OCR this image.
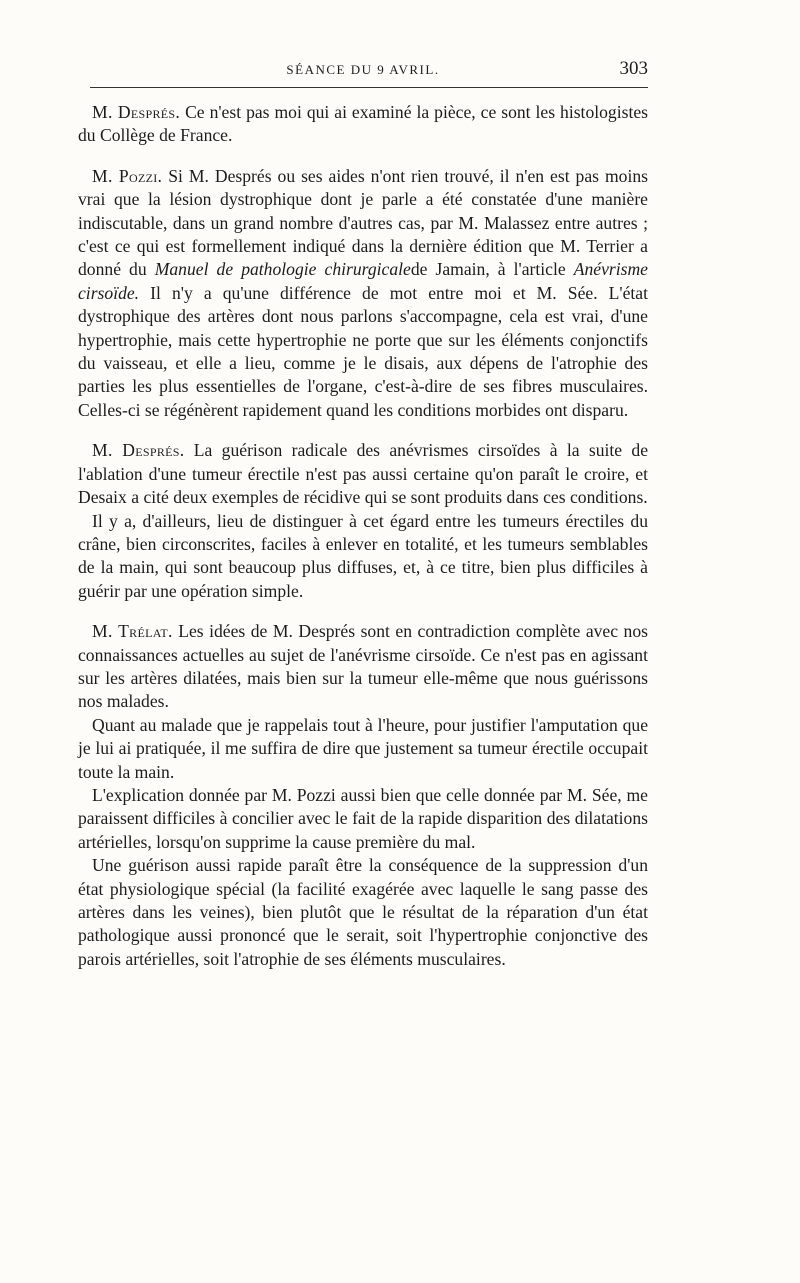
SÉANCE DU 9 AVRIL.	303

M. Després. Ce n'est pas moi qui ai examiné la pièce, ce sont les histologistes du Collège de France.

M. Pozzi. Si M. Després ou ses aides n'ont rien trouvé, il n'en est pas moins vrai que la lésion dystrophique dont je parle a été constatée d'une manière indiscutable, dans un grand nombre d'autres cas, par M. Malassez entre autres ; c'est ce qui est formellement indiqué dans la dernière édition que M. Terrier a donné du Manuel de pathologie chirurgicalede Jamain, à l'article Anévrisme cirsoïde. Il n'y a qu'une différence de mot entre moi et M. Sée. L'état dystrophique des artères dont nous parlons s'accompagne, cela est vrai, d'une hypertrophie, mais cette hypertrophie ne porte que sur les éléments conjonctifs du vaisseau, et elle a lieu, comme je le disais, aux dépens de l'atrophie des parties les plus essentielles de l'organe, c'est-à-dire de ses fibres musculaires. Celles-ci se régénèrent rapidement quand les conditions morbides ont disparu.

M. Després. La guérison radicale des anévrismes cirsoïdes à la suite de l'ablation d'une tumeur érectile n'est pas aussi certaine qu'on paraît le croire, et Desaix a cité deux exemples de récidive qui se sont produits dans ces conditions.

Il y a, d'ailleurs, lieu de distinguer à cet égard entre les tumeurs érectiles du crâne, bien circonscrites, faciles à enlever en totalité, et les tumeurs semblables de la main, qui sont beaucoup plus diffuses, et, à ce titre, bien plus difficiles à guérir par une opération simple.

M. Trélat. Les idées de M. Després sont en contradiction complète avec nos connaissances actuelles au sujet de l'anévrisme cirsoïde. Ce n'est pas en agissant sur les artères dilatées, mais bien sur la tumeur elle-même que nous guérissons nos malades.

Quant au malade que je rappelais tout à l'heure, pour justifier l'amputation que je lui ai pratiquée, il me suffira de dire que justement sa tumeur érectile occupait toute la main.

L'explication donnée par M. Pozzi aussi bien que celle donnée par M. Sée, me paraissent difficiles à concilier avec le fait de la rapide disparition des dilatations artérielles, lorsqu'on supprime la cause première du mal.

Une guérison aussi rapide paraît être la conséquence de la suppression d'un état physiologique spécial (la facilité exagérée avec laquelle le sang passe des artères dans les veines), bien plutôt que le résultat de la réparation d'un état pathologique aussi prononcé que le serait, soit l'hypertrophie conjonctive des parois artérielles, soit l'atrophie de ses éléments musculaires.
